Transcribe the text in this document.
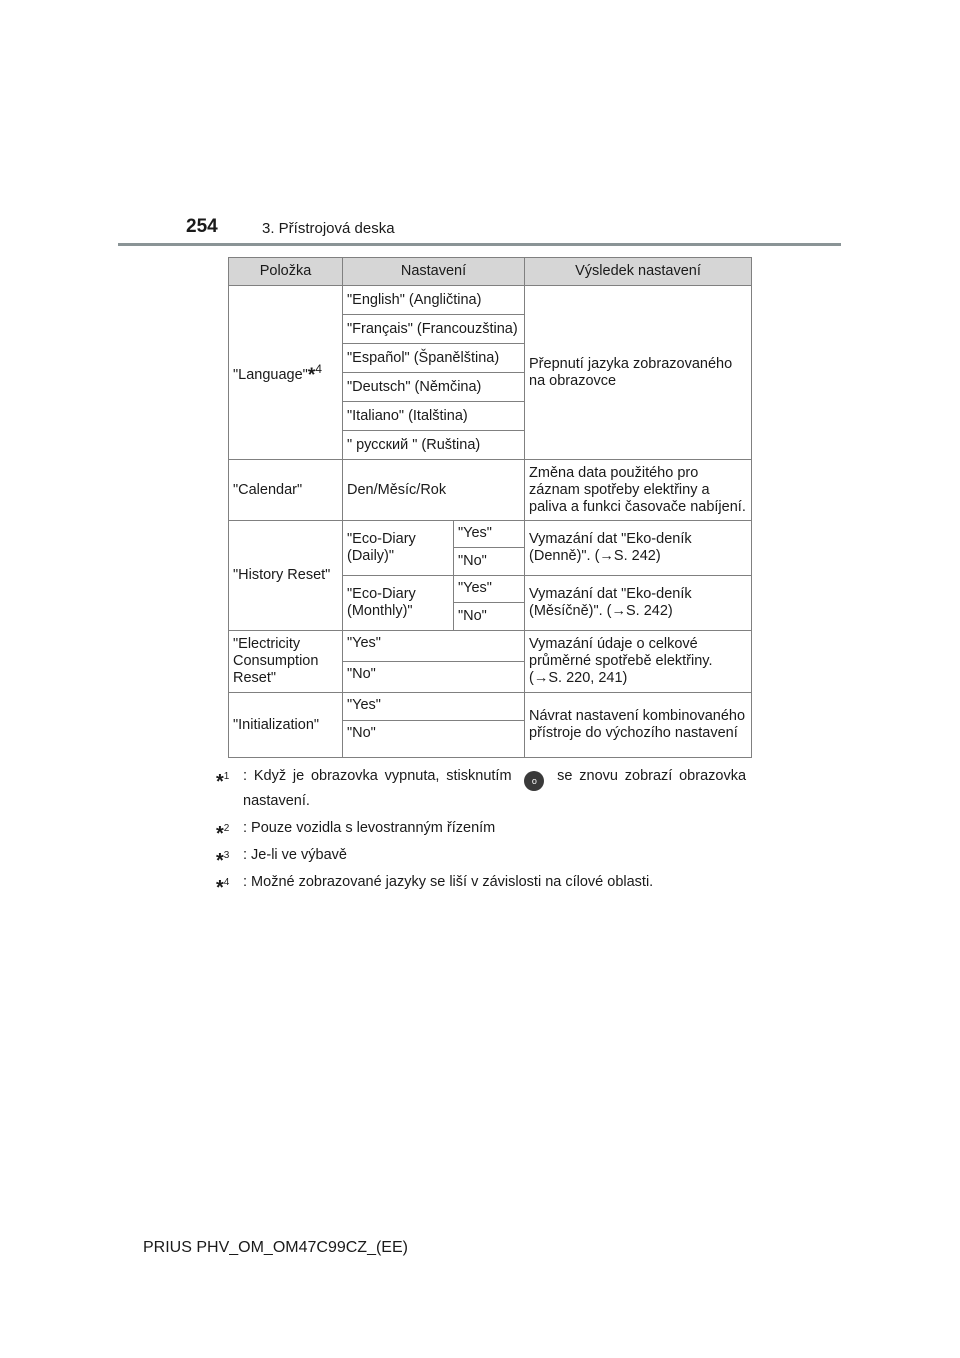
254	3. Přístrojová deska
Položka	Nastavení		Výsledek nastavení
"Language"*$^4$	"English" (Angličtina)		Přepnutí jazyka zobrazovaného na obrazovce
	"Français" (Francouzština)		
	"Español" (Španělština)		
	"Deutsch" (Němčina)		
	"Italiano" (Italština)		
	" русский " (Ruština)		
"Calendar"	Den/Měsíc/Rok		Změna data použitého pro záznam spotřeby elektřiny a palivа a funkci časovače nabíjení.
"History Reset"	"Eco-Diary (Daily)"	"Yes"	Vymazání dat "Eko-deník (Denně)". (→S. 242)
		"No"	
	"Eco-Diary (Monthly)"	"Yes"	Vymazání dat "Eko-deník (Měsíčně)". (→S. 242)
		"No"	
"Electricity Consumption Reset"	"Yes"		Vymazání údaje o celkové průměrné spotřebě elektřiny. (→S. 220, 241)
	"No"		
"Initialization"	"Yes"		Návrat nastavení kombinovaného přístroje do výchozího nastavení
	"No"		
*$^1$ : Když je obrazovka vypnuta, stisknutím o se znovu zobrazí obrazovka nastavení.
*$^2$ : Pouze vozidla s levostranným řízením
*$^3$ : Je-li ve výbavě
*$^4$ : Možné zobrazované jazyky se liší v závislosti na cílové oblasti.
PRIUS PHV_OM_OM47C99CZ_(EE)
